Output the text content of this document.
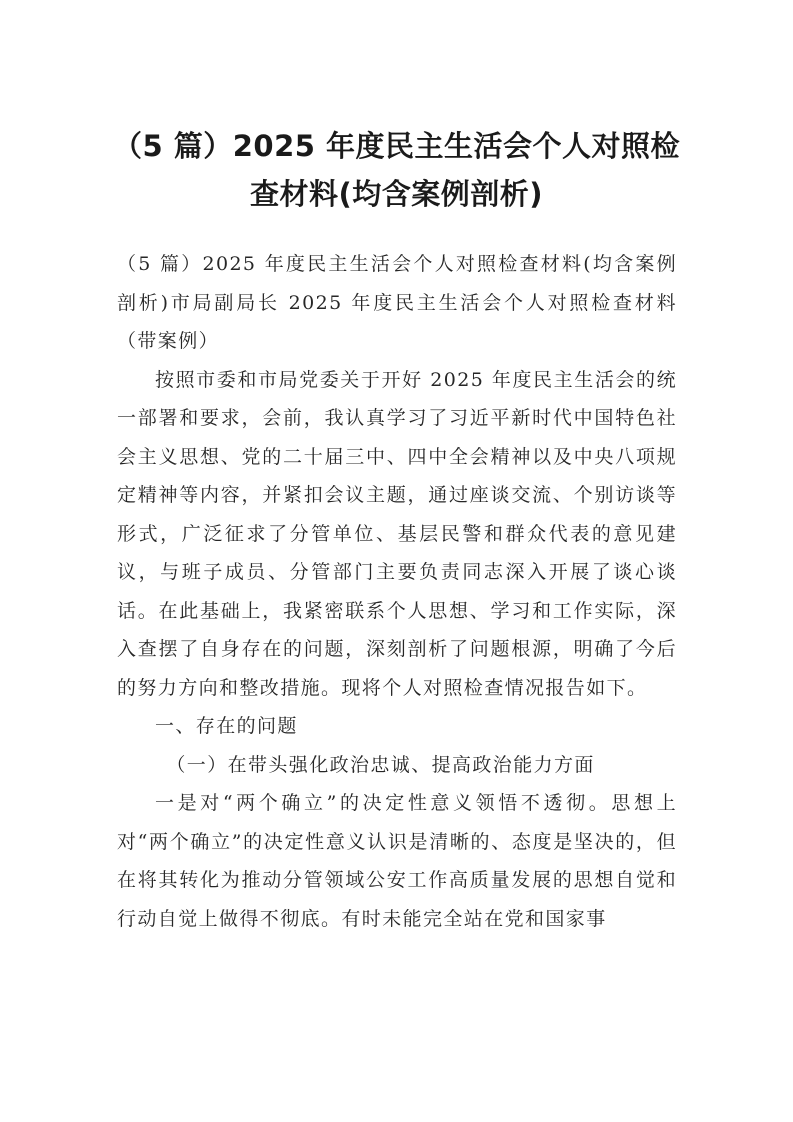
（5 篇）2025 年度民主生活会个人对照检查材料(均含案例剖析)

（5 篇）2025 年度民主生活会个人对照检查材料(均含案例剖析)市局副局长 2025 年度民主生活会个人对照检查材料（带案例）

按照市委和市局党委关于开好 2025 年度民主生活会的统一部署和要求，会前，我认真学习了习近平新时代中国特色社会主义思想、党的二十届三中、四中全会精神以及中央八项规定精神等内容，并紧扣会议主题，通过座谈交流、个别访谈等形式，广泛征求了分管单位、基层民警和群众代表的意见建议，与班子成员、分管部门主要负责同志深入开展了谈心谈话。在此基础上，我紧密联系个人思想、学习和工作实际，深入查摆了自身存在的问题，深刻剖析了问题根源，明确了今后的努力方向和整改措施。现将个人对照检查情况报告如下。

一、存在的问题

（一）在带头强化政治忠诚、提高政治能力方面

一是对“两个确立”的决定性意义领悟不透彻。思想上对“两个确立”的决定性意义认识是清晰的、态度是坚决的，但在将其转化为推动分管领域公安工作高质量发展的思想自觉和行动自觉上做得不彻底。有时未能完全站在党和国家事
